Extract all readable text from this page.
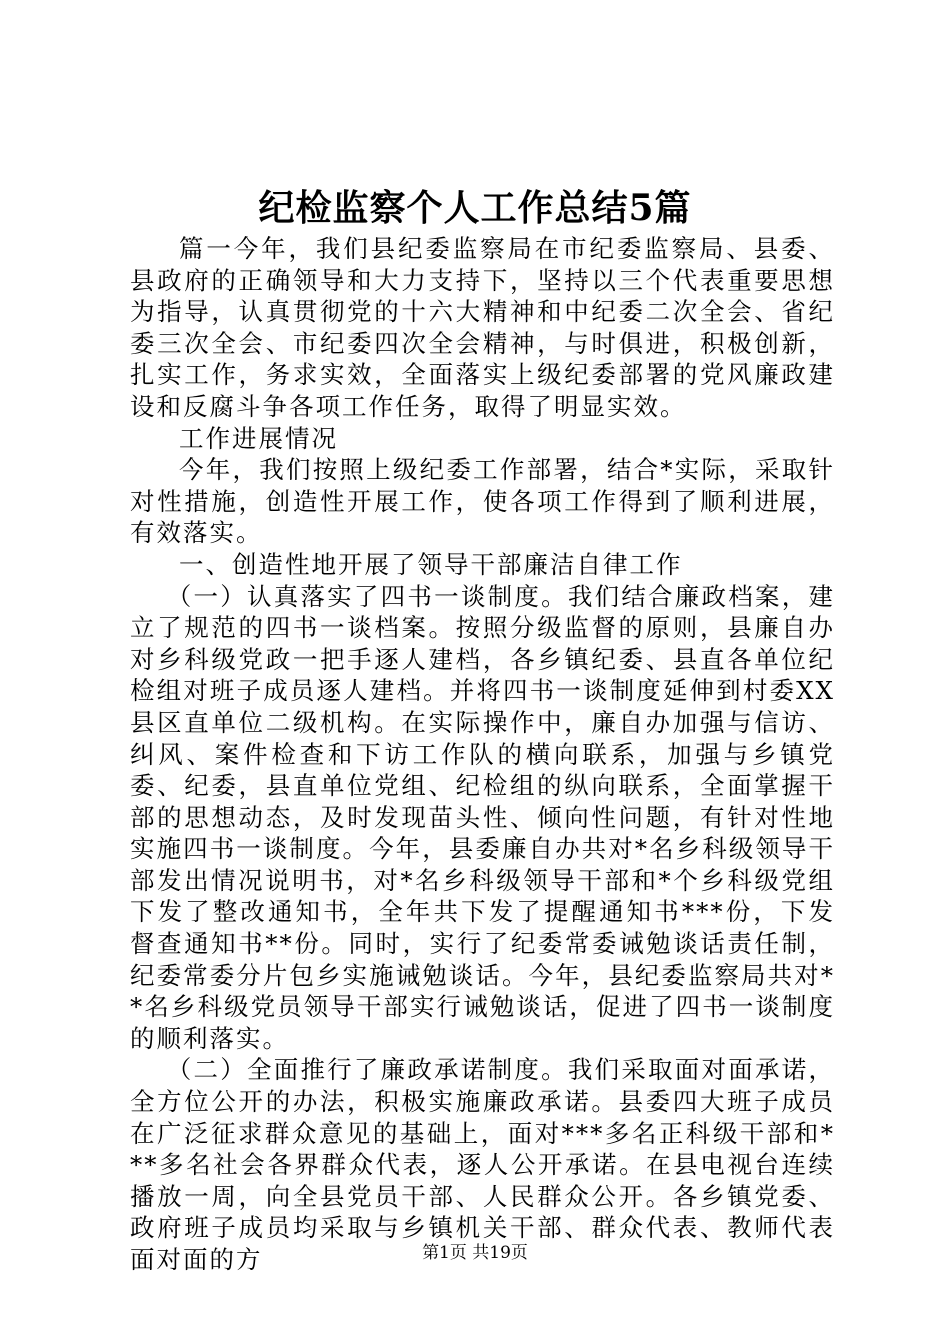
纪检监察个人工作总结5篇

篇一今年，我们县纪委监察局在市纪委监察局、县委、县政府的正确领导和大力支持下，坚持以三个代表重要思想为指导，认真贯彻党的十六大精神和中纪委二次全会、省纪委三次全会、市纪委四次全会精神，与时俱进，积极创新，扎实工作，务求实效，全面落实上级纪委部署的党风廉政建设和反腐斗争各项工作任务，取得了明显实效。

工作进展情况

今年，我们按照上级纪委工作部署，结合*实际，采取针对性措施，创造性开展工作，使各项工作得到了顺利进展，有效落实。

一、创造性地开展了领导干部廉洁自律工作

（一）认真落实了四书一谈制度。我们结合廉政档案，建立了规范的四书一谈档案。按照分级监督的原则，县廉自办对乡科级党政一把手逐人建档，各乡镇纪委、县直各单位纪检组对班子成员逐人建档。并将四书一谈制度延伸到村委XX县区直单位二级机构。在实际操作中，廉自办加强与信访、纠风、案件检查和下访工作队的横向联系，加强与乡镇党委、纪委，县直单位党组、纪检组的纵向联系，全面掌握干部的思想动态，及时发现苗头性、倾向性问题，有针对性地实施四书一谈制度。今年，县委廉自办共对*名乡科级领导干部发出情况说明书，对*名乡科级领导干部和*个乡科级党组下发了整改通知书，全年共下发了提醒通知书***份，下发督查通知书**份。同时，实行了纪委常委诫勉谈话责任制，纪委常委分片包乡实施诫勉谈话。今年，县纪委监察局共对**名乡科级党员领导干部实行诫勉谈话，促进了四书一谈制度的顺利落实。

（二）全面推行了廉政承诺制度。我们采取面对面承诺，全方位公开的办法，积极实施廉政承诺。县委四大班子成员在广泛征求群众意见的基础上，面对***多名正科级干部和***多名社会各界群众代表，逐人公开承诺。在县电视台连续播放一周，向全县党员干部、人民群众公开。各乡镇党委、政府班子成员均采取与乡镇机关干部、群众代表、教师代表面对面的方	第1页 共19页
